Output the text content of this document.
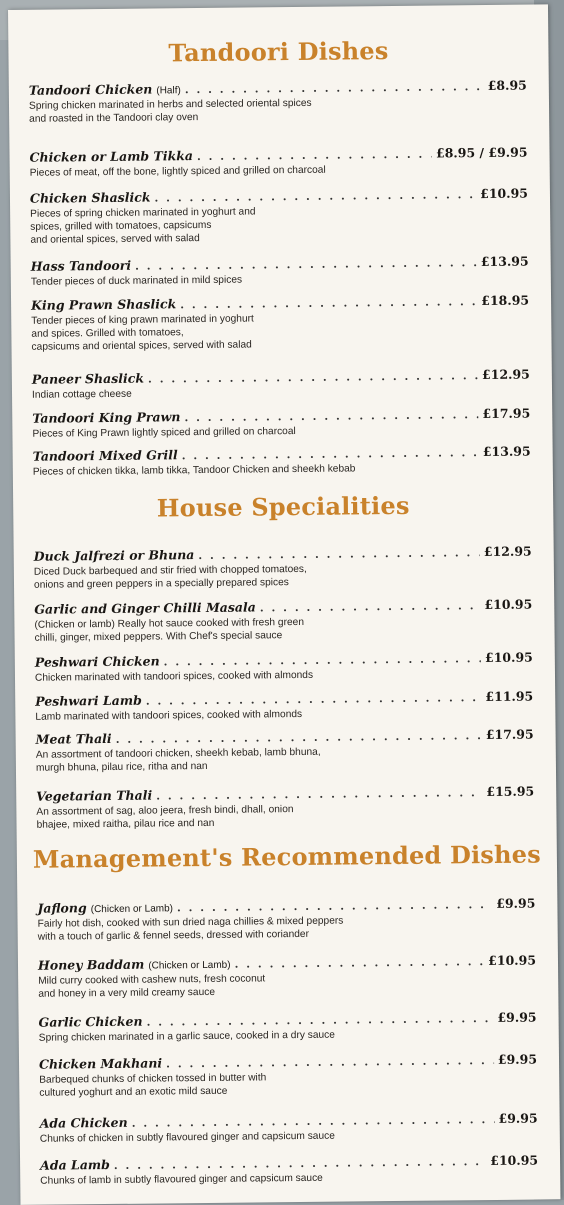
Tandoori Dishes
Tandoori Chicken (Half) . . .	£8.95
Spring chicken marinated in herbs and selected oriental spices
and roasted in the Tandoori clay oven
Chicken or Lamb Tikka . . .	£8.95 / £9.95
Pieces of meat, off the bone, lightly spiced and grilled on charcoal
Chicken Shaslick . . .	£10.95
Pieces of spring chicken marinated in yoghurt and
spices, grilled with tomatoes, capsicums
and oriental spices, served with salad
Hass Tandoori . . .	£13.95
Tender pieces of duck marinated in mild spices
King Prawn Shaslick . . .	£18.95
Tender pieces of king prawn marinated in yoghurt
and spices. Grilled with tomatoes,
capsicums and oriental spices, served with salad
Paneer Shaslick . . .	£12.95
Indian cottage cheese
Tandoori King Prawn . . .	£17.95
Pieces of King Prawn lightly spiced and grilled on charcoal
Tandoori Mixed Grill . . .	£13.95
Pieces of chicken tikka, lamb tikka, Tandoor Chicken and sheekh kebab
House Specialities
Duck Jalfrezi or Bhuna . . .	£12.95
Diced Duck barbequed and stir fried with chopped tomatoes,
onions and green peppers in a specially prepared spices
Garlic and Ginger Chilli Masala . . .	£10.95
(Chicken or lamb) Really hot sauce cooked with fresh green
chilli, ginger, mixed peppers. With Chef's special sauce
Peshwari Chicken . . .	£10.95
Chicken marinated with tandoori spices, cooked with almonds
Peshwari Lamb . . .	£11.95
Lamb marinated with tandoori spices, cooked with almonds
Meat Thali . . .	£17.95
An assortment of tandoori chicken, sheekh kebab, lamb bhuna,
murgh bhuna, pilau rice, ritha and nan
Vegetarian Thali . . .	£15.95
An assortment of sag, aloo jeera, fresh bindi, dhall, onion
bhajee, mixed raitha, pilau rice and nan
Management's Recommended Dishes
Jaflong (Chicken or Lamb) . . .	£9.95
Fairly hot dish, cooked with sun dried naga chillies & mixed peppers
with a touch of garlic & fennel seeds, dressed with coriander
Honey Baddam (Chicken or Lamb) . . .	£10.95
Mild curry cooked with cashew nuts, fresh coconut
and honey in a very mild creamy sauce
Garlic Chicken . . .	£9.95
Spring chicken marinated in a garlic sauce, cooked in a dry sauce
Chicken Makhani . . .	£9.95
Barbequed chunks of chicken tossed in butter with
cultured yoghurt and an exotic mild sauce
Ada Chicken . . .	£9.95
Chunks of chicken in subtly flavoured ginger and capsicum sauce
Ada Lamb . . .	£10.95
Chunks of lamb in subtly flavoured ginger and capsicum sauce
